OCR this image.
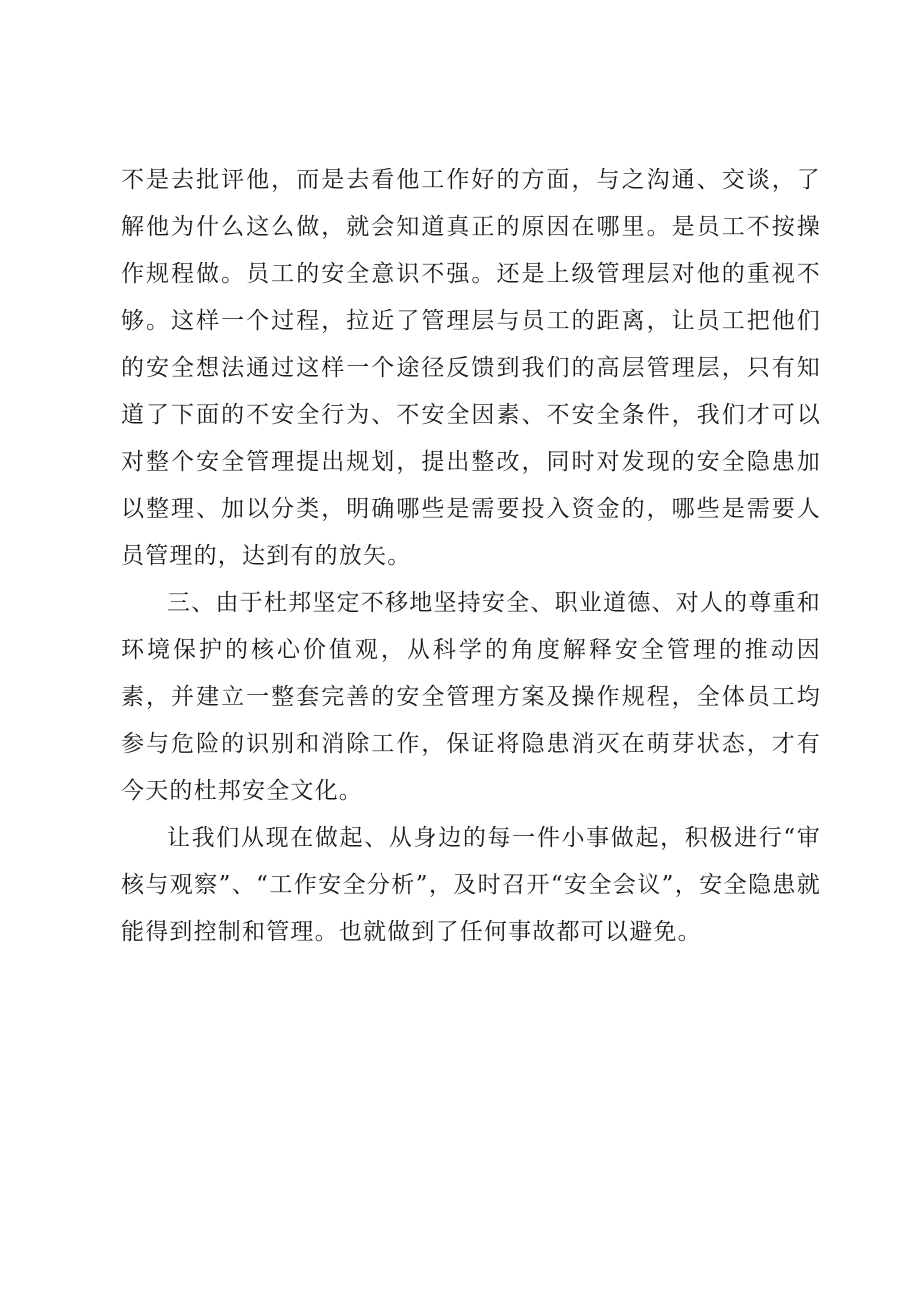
不是去批评他，而是去看他工作好的方面，与之沟通、交谈，了解他为什么这么做，就会知道真正的原因在哪里。是员工不按操作规程做。员工的安全意识不强。还是上级管理层对他的重视不够。这样一个过程，拉近了管理层与员工的距离，让员工把他们的安全想法通过这样一个途径反馈到我们的高层管理层，只有知道了下面的不安全行为、不安全因素、不安全条件，我们才可以对整个安全管理提出规划，提出整改，同时对发现的安全隐患加以整理、加以分类，明确哪些是需要投入资金的，哪些是需要人员管理的，达到有的放矢。

三、由于杜邦坚定不移地坚持安全、职业道德、对人的尊重和环境保护的核心价值观，从科学的角度解释安全管理的推动因素，并建立一整套完善的安全管理方案及操作规程，全体员工均参与危险的识别和消除工作，保证将隐患消灭在萌芽状态，才有今天的杜邦安全文化。

让我们从现在做起、从身边的每一件小事做起，积极进行“审核与观察”、“工作安全分析”，及时召开“安全会议”，安全隐患就能得到控制和管理。也就做到了任何事故都可以避免。
